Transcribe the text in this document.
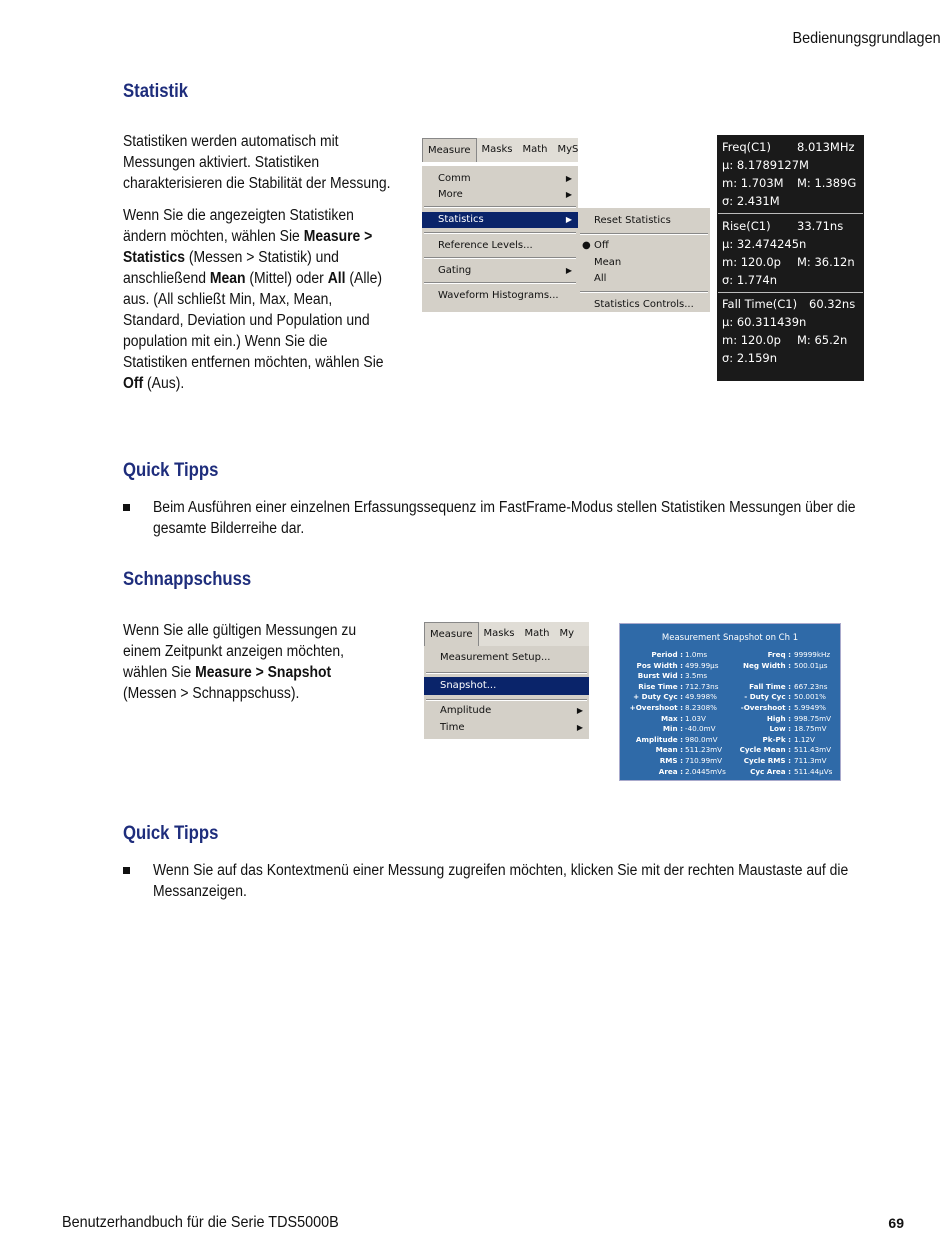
Bedienungsgrundlagen
Statistik

Statistiken werden automatisch mit Messungen aktiviert. Statistiken charakterisieren die Stabilität der Messung.

Wenn Sie die angezeigten Statistiken ändern möchten, wählen Sie Measure > Statistics (Messen > Statistik) und anschließend Mean (Mittel) oder All (Alle) aus. (All schließt Min, Max, Mean, Standard, Deviation und Population und population mit ein.) Wenn Sie die Statistiken entfernen möchten, wählen Sie Off (Aus).

Measure	Masks	Math	MyS
Comm	▶
More	▶
Statistics	▶
Reference Levels...
Gating	▶
Waveform Histograms...
Reset Statistics
● Off
Mean
All
Statistics Controls...
Freq(C1) 8.013MHz
µ: 8.1789127M
m: 1.703M M: 1.389G
σ: 2.431M
Rise(C1) 33.71ns
µ: 32.474245n
m: 120.0p M: 36.12n
σ: 1.774n
Fall Time(C1) 60.32ns
µ: 60.311439n
m: 120.0p M: 65.2n
σ: 2.159n
Quick Tipps
Beim Ausführen einer einzelnen Erfassungssequenz im FastFrame-Modus stellen Statistiken Messungen über die gesamte Bilderreihe dar.
Schnappschuss

Wenn Sie alle gültigen Messungen zu einem Zeitpunkt anzeigen möchten, wählen Sie Measure > Snapshot (Messen > Schnappschuss).

Measure	Masks	Math	My
Measurement Setup...
Snapshot...
Amplitude	▶
Time	▶
Measurement Snapshot on Ch 1
Period : 1.0ms	Freq : 99999kHz
Pos Width : 499.99µs	Neg Width : 500.01µs
Burst Wid : 3.5ms
Rise Time : 712.73ns	Fall Time : 667.23ns
+ Duty Cyc : 49.998%	- Duty Cyc : 50.001%
+Overshoot : 8.2308%	-Overshoot : 5.9949%
Max : 1.03V	High : 998.75mV
Min : -40.0mV	Low : 18.75mV
Amplitude : 980.0mV	Pk-Pk : 1.12V
Mean : 511.23mV Cycle Mean : 511.43mV
RMS : 710.99mV	Cycle RMS : 711.3mV
Area : 2.0445mVs	Cyc Area : 511.44µVs
Quick Tipps
Wenn Sie auf das Kontextmenü einer Messung zugreifen möchten, klicken Sie mit der rechten Maustaste auf die Messanzeigen.
Benutzerhandbuch für die Serie TDS5000B	69
